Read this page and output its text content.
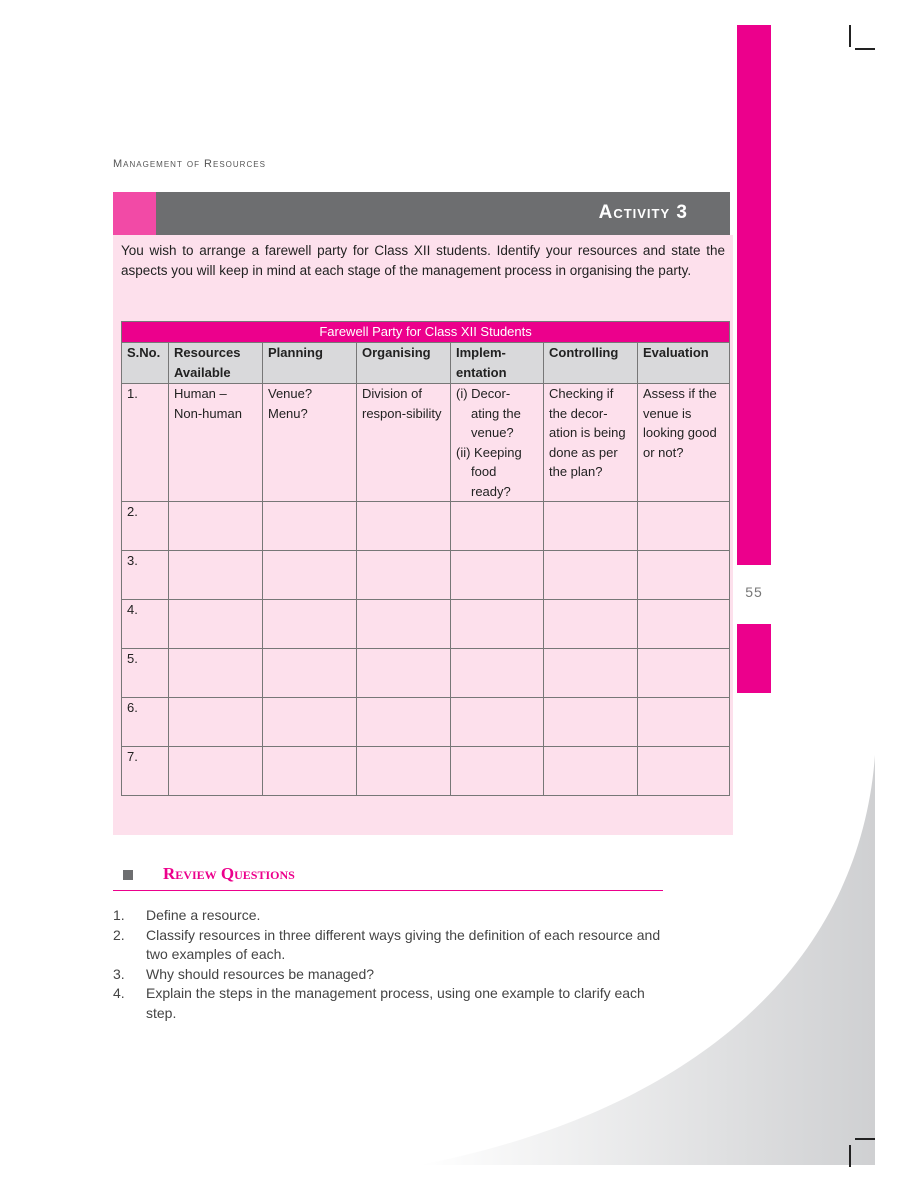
55
Management of Resources
Activity 3
You wish to arrange a farewell party for Class XII students. Identify your resources and state the aspects you will keep in mind at each stage of the management process in organising the party.
Farewell Party for Class XII Students						
S.No.	Resources Available	Planning	Organising	Implem-entation	Controlling	Evaluation
1.	Human – Non-human	Venue? Menu?	Division of respon-sibility	(i) Decor-ating the venue?
(ii) Keeping food ready?	Checking if the decor-ation is being done as per the plan?	Assess if the venue is looking good or not?
2.						
3.						
4.						
5.						
6.						
7.						
Review Questions
1. Define a resource.
2. Classify resources in three different ways giving the definition of each resource and two examples of each.
3. Why should resources be managed?
4. Explain the steps in the management process, using one example to clarify each step.
